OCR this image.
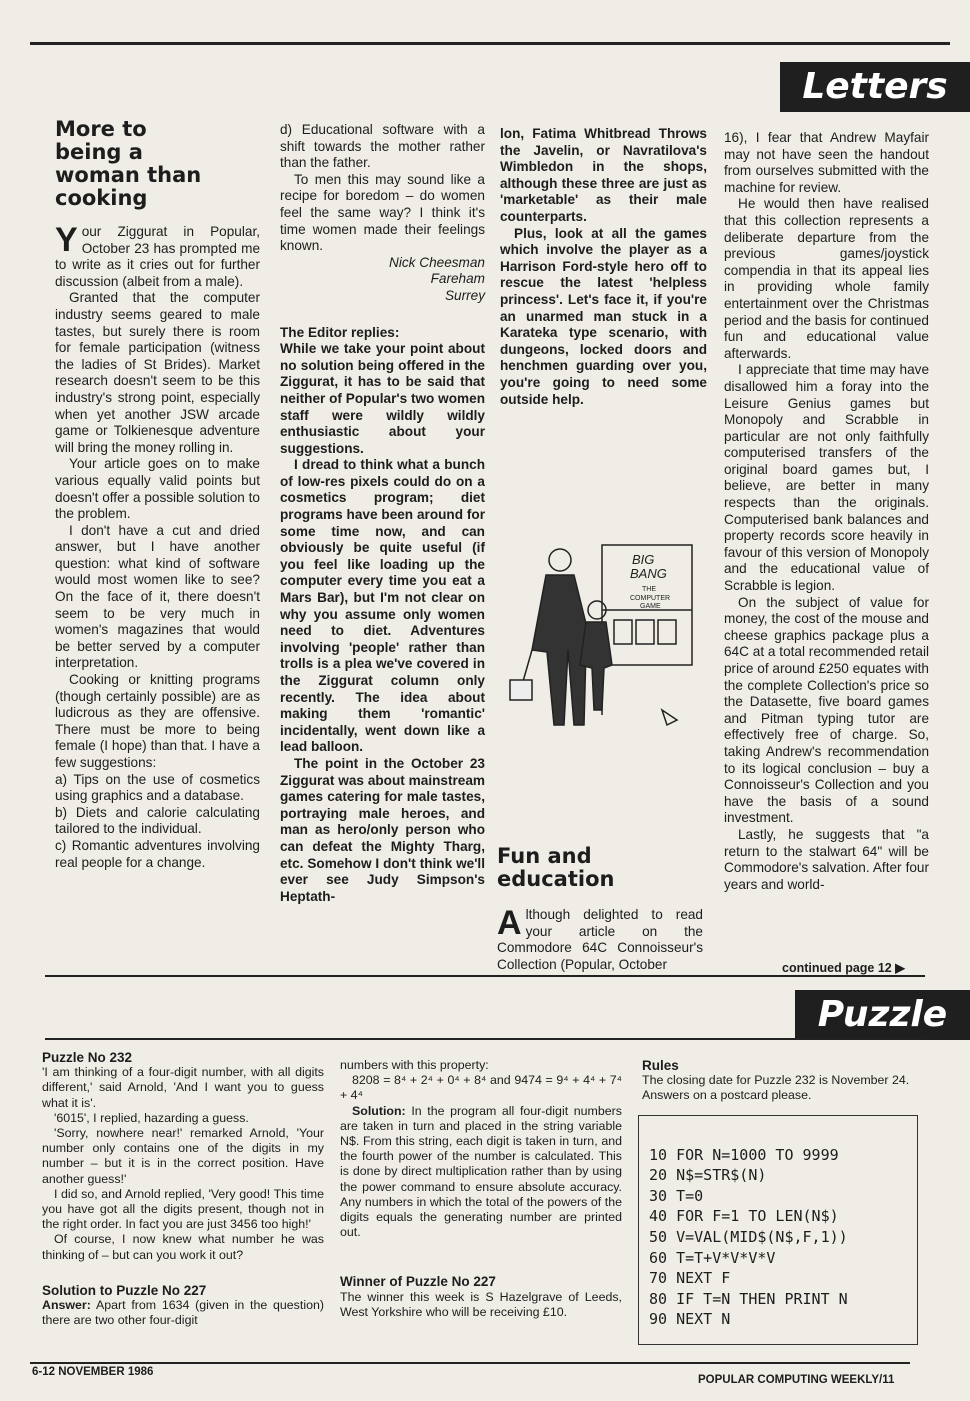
Letters
More to being a woman than cooking

Your Ziggurat in Popular, October 23 has prompted me to write as it cries out for further discussion (albeit from a male).

Granted that the computer industry seems geared to male tastes, but surely there is room for female participation (witness the ladies of St Brides). Market research doesn't seem to be this industry's strong point, especially when yet another JSW arcade game or Tolkienesque adventure will bring the money rolling in.

Your article goes on to make various equally valid points but doesn't offer a possible solution to the problem.

I don't have a cut and dried answer, but I have another question: what kind of software would most women like to see? On the face of it, there doesn't seem to be very much in women's magazines that would be better served by a computer interpretation.

Cooking or knitting programs (though certainly possible) are as ludicrous as they are offensive. There must be more to being female (I hope) than that. I have a few suggestions:

a) Tips on the use of cosmetics using graphics and a database.

b) Diets and calorie calculating tailored to the individual.

c) Romantic adventures involving real people for a change.

d) Educational software with a shift towards the mother rather than the father.

To men this may sound like a recipe for boredom – do women feel the same way? I think it's time women made their feelings known.

Nick Cheesman

Fareham

Surrey

The Editor replies:

While we take your point about no solution being offered in the Ziggurat, it has to be said that neither of Popular's two women staff were wildly wildly enthusiastic about your suggestions.

I dread to think what a bunch of low-res pixels could do on a cosmetics program; diet programs have been around for some time now, and can obviously be quite useful (if you feel like loading up the computer every time you eat a Mars Bar), but I'm not clear on why you assume only women need to diet. Adventures involving 'people' rather than trolls is a plea we've covered in the Ziggurat column only recently. The idea about making them 'romantic' incidentally, went down like a lead balloon.

The point in the October 23 Ziggurat was about mainstream games catering for male tastes, portraying male heroes, and man as hero/only person who can defeat the Mighty Tharg, etc. Somehow I don't think we'll ever see Judy Simpson's Heptath-

lon, Fatima Whitbread Throws the Javelin, or Navratilova's Wimbledon in the shops, although these three are just as 'marketable' as their male counterparts.

Plus, look at all the games which involve the player as a Harrison Ford-style hero off to rescue the latest 'helpless princess'. Let's face it, if you're an unarmed man stuck in a Karateka type scenario, with dungeons, locked doors and henchmen guarding over you, you're going to need some outside help.

BIG
BANG
THE
COMPUTER
GAME
Fun and education

Although delighted to read your article on the Commodore 64C Connoisseur's Collection (Popular, October

16), I fear that Andrew Mayfair may not have seen the handout from ourselves submitted with the machine for review.

He would then have realised that this collection represents a deliberate departure from the previous games/joystick compendia in that its appeal lies in providing whole family entertainment over the Christmas period and the basis for continued fun and educational value afterwards.

I appreciate that time may have disallowed him a foray into the Leisure Genius games but Monopoly and Scrabble in particular are not only faithfully computerised transfers of the original board games but, I believe, are better in many respects than the originals. Computerised bank balances and property records score heavily in favour of this version of Monopoly and the educational value of Scrabble is legion.

On the subject of value for money, the cost of the mouse and cheese graphics package plus a 64C at a total recommended retail price of around £250 equates with the complete Collection's price so the Datasette, five board games and Pitman typing tutor are effectively free of charge. So, taking Andrew's recommendation to its logical conclusion – buy a Connoisseur's Collection and you have the basis of a sound investment.

Lastly, he suggests that "a return to the stalwart 64" will be Commodore's salvation. After four years and world-

continued page 12 ▶
Puzzle
Puzzle No 232

'I am thinking of a four-digit number, with all digits different,' said Arnold, 'And I want you to guess what it is'.

'6015', I replied, hazarding a guess.

'Sorry, nowhere near!' remarked Arnold, 'Your number only contains one of the digits in my number – but it is in the correct position. Have another guess!'

I did so, and Arnold replied, 'Very good! This time you have got all the digits present, though not in the right order. In fact you are just 3456 too high!'

Of course, I now knew what number he was thinking of – but can you work it out?

Solution to Puzzle No 227

Answer: Apart from 1634 (given in the question) there are two other four-digit

numbers with this property:

8208 = 8⁴ + 2⁴ + 0⁴ + 8⁴ and 9474 = 9⁴ + 4⁴ + 7⁴ + 4⁴

Solution: In the program all four-digit numbers are taken in turn and placed in the string variable N$. From this string, each digit is taken in turn, and the fourth power of the number is calculated. This is done by direct multiplication rather than by using the power command to ensure absolute accuracy. Any numbers in which the total of the powers of the digits equals the generating number are printed out.

Winner of Puzzle No 227

The winner this week is S Hazelgrave of Leeds, West Yorkshire who will be receiving £10.

Rules

The closing date for Puzzle 232 is November 24. Answers on a postcard please.

10 FOR N=1000 TO 9999
20 N$=STR$(N)
30 T=0
40 FOR F=1 TO LEN(N$)
50 V=VAL(MID$(N$,F,1))
60 T=T+V*V*V*V
70 NEXT F
80 IF T=N THEN PRINT N
90 NEXT N
6-12 NOVEMBER 1986
POPULAR COMPUTING WEEKLY/11
